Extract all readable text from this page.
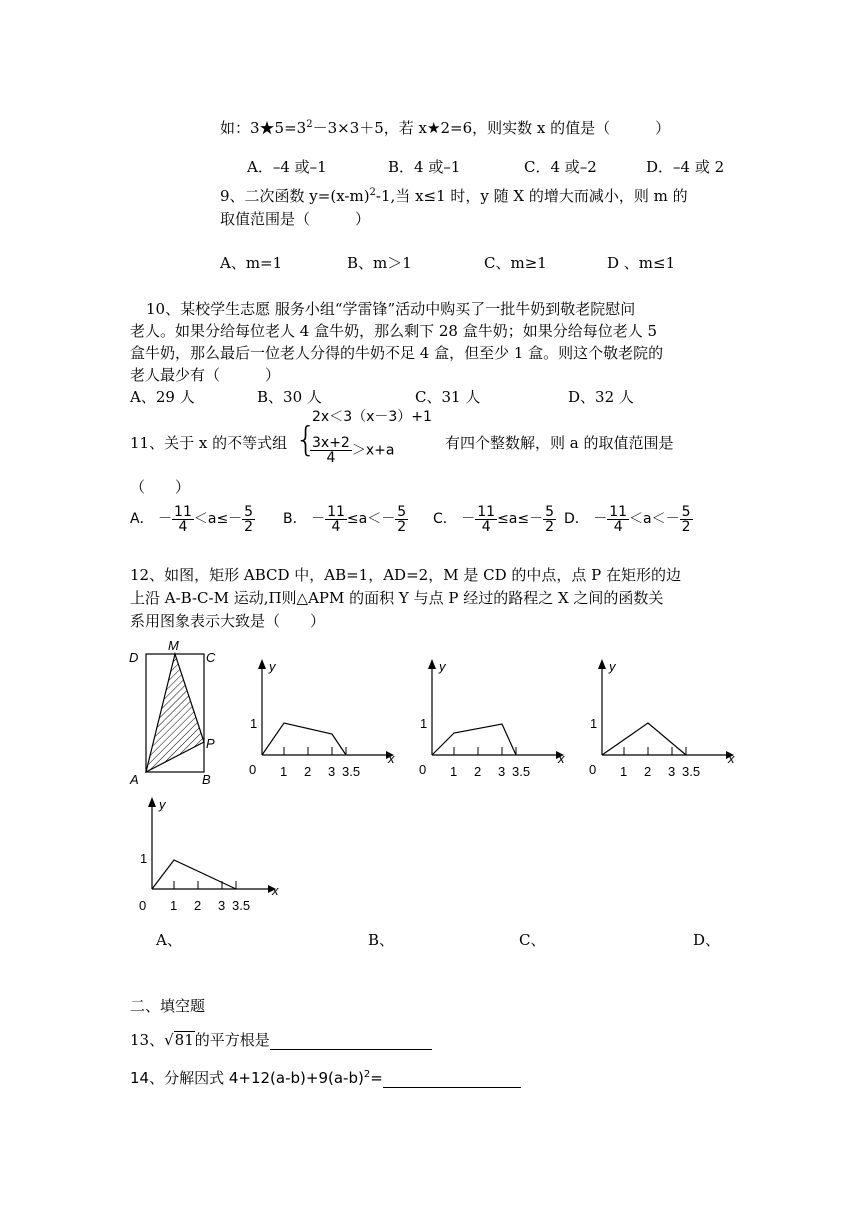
如：$3★5=3^2-3\times 3+5$，若 x★2=6，则实数 x 的值是（　　　）
A．–4 或–1	B．4 或–1	C．4 或–2	D．–4 或 2
9、二次函数 $y=(x-m)^2-1$,当 x≤1 时，y 随 X 的增大而减小，则 m 的
取值范围是（　　　）
A、m=1	B、m＞1	C、m≥1	D 、m≤1
10、某校学生志愿 服务小组“学雷锋”活动中购买了一批牛奶到敬老院慰问
老人。如果分给每位老人 4 盒牛奶，那么剩下 28 盒牛奶；如果分给每位老人 5
盒牛奶，那么最后一位老人分得的牛奶不足 4 盒，但至少 1 盒。则这个敬老院的
老人最少有（　　　）
A、29 人	B、30 人	C、31 人	D、32 人
11、关于 x 的不等式组 {
2x＜3（x－3）+1
$\frac{3x+2}{4} >x+a$	有四个整数解，则 a 的取值范围是
（　　）
A． － $\frac{11}{4} <a\le- \frac{5}{2}$ B． － $\frac{11}{4} \le a<- \frac{5}{2}$ C． － $\frac{11}{4} \le a\le- \frac{5}{2}$ D． － $\frac{11}{4} <a<- \frac{5}{2}$
12、如图，矩形 ABCD 中，AB=1，AD=2，M 是 CD 的中点，点 P 在矩形的边
上沿 A-B-C-M 运动,Π则△APM 的面积 Y 与点 P 经过的路程之 X 之间的函数关
系用图象表示大致是（　　）
D
M
C
P
A	B
y
x
0
1
1 2 3 3.5
y
x
0
1
1 2 3 3.5
y
x
0
1
1 2 3 3.5
y
x
0
1
1 2 3 3.5
A、	B、	C、	D、
二、填空题
13、√81的平方根是
14、分解因式 $4+12(a-b)+9(a-b)^2=$
